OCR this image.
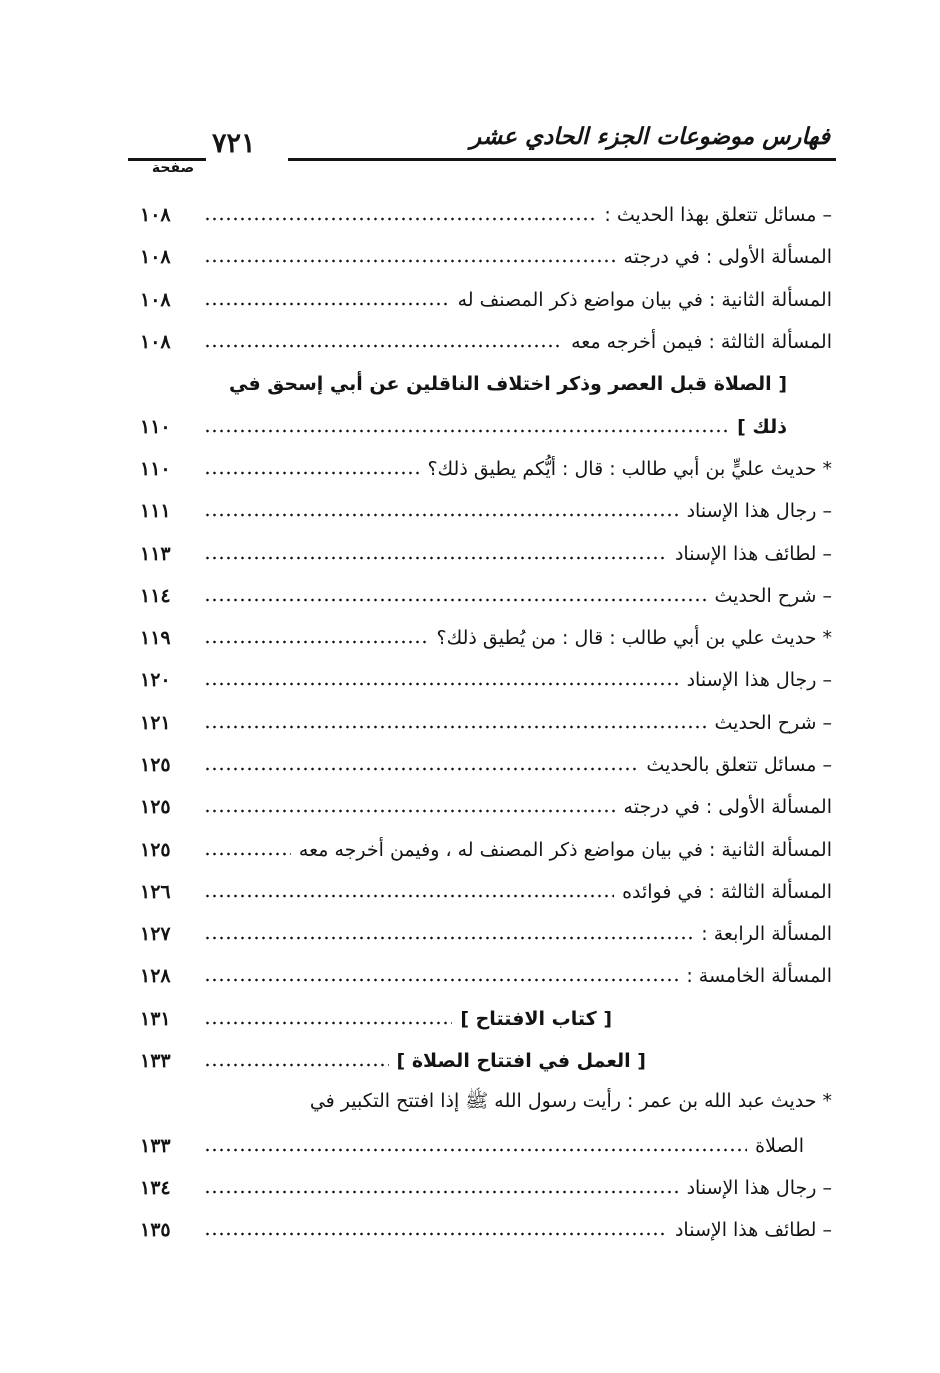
فهارس موضوعات الجزء الحادي عشر
٧٢١
صفحة
– مسائل تتعلق بهذا الحديث :
١٠٨
المسألة الأولى : في درجته
١٠٨
المسألة الثانية : في بيان مواضع ذكر المصنف له
١٠٨
المسألة الثالثة : فيمن أخرجه معه
١٠٨
[ الصلاة قبل العصر وذكر اختلاف الناقلين عن أبي إسحق في
ذلك ]
١١٠
* حديث عليٍّ بن أبي طالب : قال : أيُّكم يطيق ذلك؟
١١٠
– رجال هذا الإسناد
١١١
– لطائف هذا الإسناد
١١٣
– شرح الحديث
١١٤
* حديث علي بن أبي طالب : قال : من يُطيق ذلك؟
١١٩
– رجال هذا الإسناد
١٢٠
– شرح الحديث
١٢١
– مسائل تتعلق بالحديث
١٢٥
المسألة الأولى : في درجته
١٢٥
المسألة الثانية : في بيان مواضع ذكر المصنف له ، وفيمن أخرجه معه
١٢٥
المسألة الثالثة : في فوائده
١٢٦
المسألة الرابعة :
١٢٧
المسألة الخامسة :
١٢٨
[ كتاب الافتتاح ]
١٣١
[ العمل في افتتاح الصلاة ]
١٣٣
* حديث عبد الله بن عمر : رأيت رسول الله ﷺ إذا افتتح التكبير في
الصلاة
١٣٣
– رجال هذا الإسناد
١٣٤
– لطائف هذا الإسناد
١٣٥
